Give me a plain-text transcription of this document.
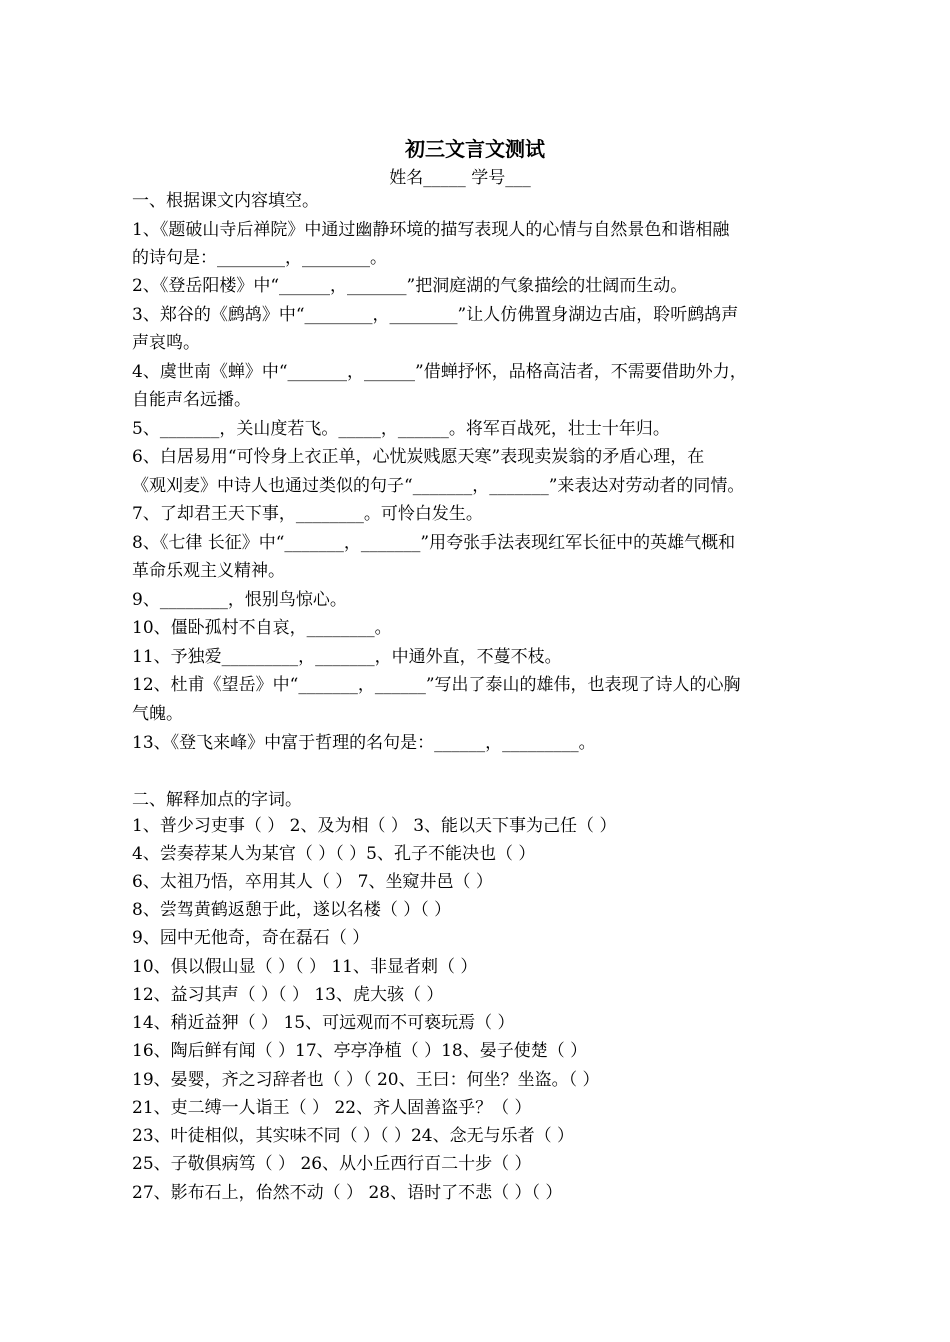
初三文言文测试
姓名_____ 学号___
一、根据课文内容填空。
1、《题破山寺后禅院》中通过幽静环境的描写表现人的心情与自然景色和谐相融
的诗句是：________，________。
2、《登岳阳楼》中“______，_______”把洞庭湖的气象描绘的壮阔而生动。
3、郑谷的《鹧鸪》中“________，________”让人仿佛置身湖边古庙，聆听鹧鸪声
声哀鸣。
4、虞世南《蝉》中“_______，______”借蝉抒怀，品格高洁者，不需要借助外力，
自能声名远播。
5、_______，关山度若飞。_____，______。将军百战死，壮士十年归。
6、白居易用“可怜身上衣正单，心忧炭贱愿天寒”表现卖炭翁的矛盾心理，在
《观刈麦》中诗人也通过类似的句子“_______，_______”来表达对劳动者的同情。
7、了却君王天下事，________。可怜白发生。
8、《七律 长征》中“_______，_______”用夸张手法表现红军长征中的英雄气概和
革命乐观主义精神。
9、________，恨别鸟惊心。
10、僵卧孤村不自哀，________。
11、予独爱_________，_______，中通外直，不蔓不枝。
12、杜甫《望岳》中“_______，______”写出了泰山的雄伟，也表现了诗人的心胸
气魄。
13、《登飞来峰》中富于哲理的名句是：______，_________。
二、解释加点的字词。
1、普少习吏事（ ） 2、及为相（ ） 3、能以天下事为己任（ ）
4、尝奏荐某人为某官（ ）（ ）5、孔子不能决也（ ）
6、太祖乃悟，卒用其人（ ） 7、坐窥井邑（ ）
8、尝驾黄鹤返憩于此，遂以名楼（ ）（ ）
9、园中无他奇，奇在磊石（ ）
10、俱以假山显（ ）（ ） 11、非显者刺（ ）
12、益习其声（ ）（ ） 13、虎大骇（ ）
14、稍近益狎（ ） 15、可远观而不可亵玩焉（ ）
16、陶后鲜有闻（ ）17、亭亭净植（ ）18、晏子使楚（ ）
19、晏婴，齐之习辞者也（ ）（ 20、王曰：何坐？坐盗。（ ）
21、吏二缚一人诣王（ ） 22、齐人固善盗乎？（ ）
23、叶徒相似，其实味不同（ ）（ ）24、念无与乐者（ ）
25、子敬俱病笃（ ） 26、从小丘西行百二十步（ ）
27、影布石上，佁然不动（ ） 28、语时了不悲（ ）（ ）
